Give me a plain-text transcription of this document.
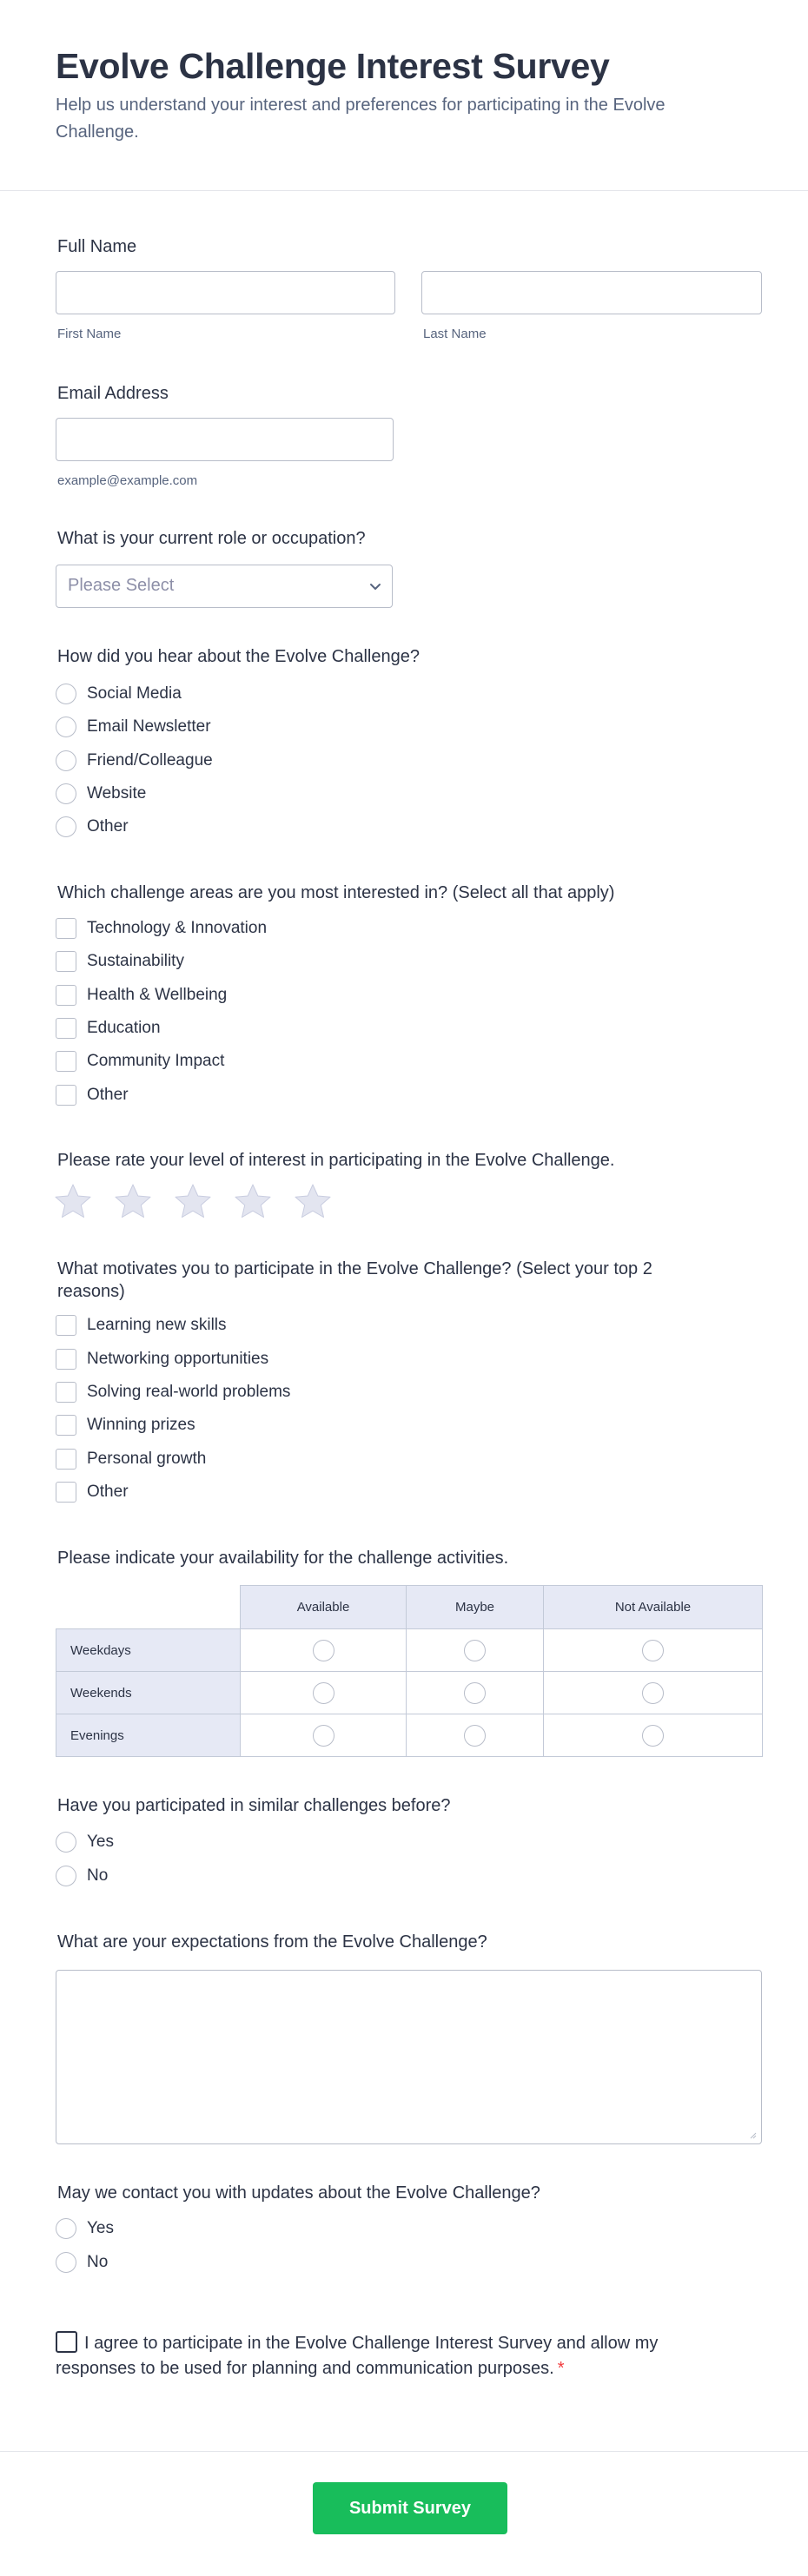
Evolve Challenge Interest Survey
Help us understand your interest and preferences for participating in the Evolve Challenge.
Full Name
First Name	Last Name
Email Address
example@example.com
What is your current role or occupation?
Please Select
How did you hear about the Evolve Challenge?
Social Media
Email Newsletter
Friend/Colleague
Website
Other
Which challenge areas are you most interested in? (Select all that apply)
Technology & Innovation
Sustainability
Health & Wellbeing
Education
Community Impact
Other
Please rate your level of interest in participating in the Evolve Challenge.
What motivates you to participate in the Evolve Challenge? (Select your top 2 reasons)
Learning new skills
Networking opportunities
Solving real-world problems
Winning prizes
Personal growth
Other
Please indicate your availability for the challenge activities.
	Available	Maybe	Not Available
Weekdays			
Weekends			
Evenings			
Have you participated in similar challenges before?
Yes
No
What are your expectations from the Evolve Challenge?
May we contact you with updates about the Evolve Challenge?
Yes
No
I agree to participate in the Evolve Challenge Interest Survey and allow my responses to be used for planning and communication purposes. *
Submit Survey
